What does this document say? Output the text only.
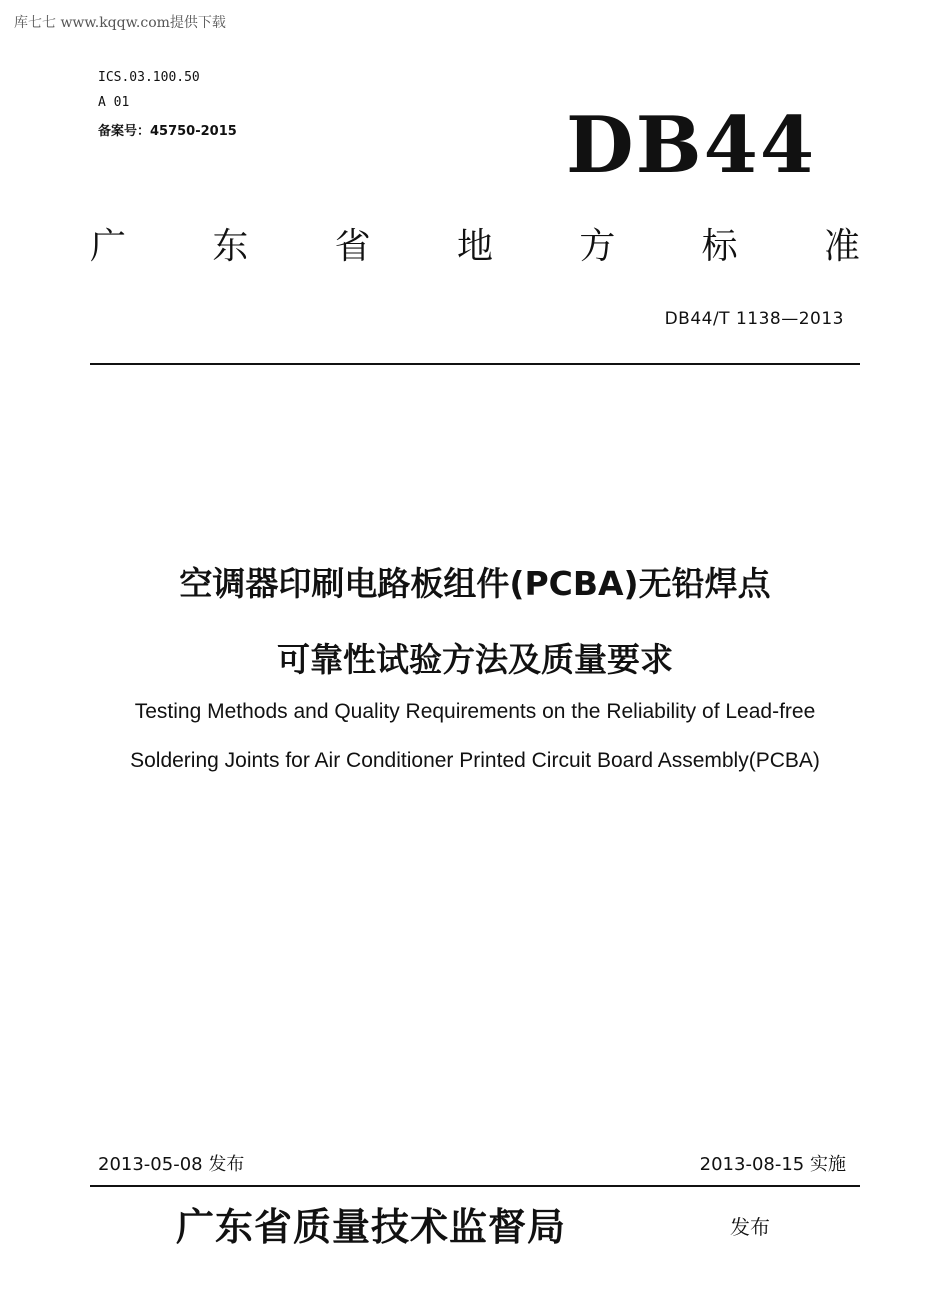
库七七 www.kqqw.com提供下载
ICS.03.100.50
A 01
备案号：45750-2015	DB44
广 东 省 地 方 标 准
DB44/T 1138—2013
空调器印刷电路板组件(PCBA)无铅焊点
可靠性试验方法及质量要求
Testing Methods and Quality Requirements on the Reliability of Lead-free
Soldering Joints for Air Conditioner Printed Circuit Board Assembly(PCBA)
2013-05-08 发布	2013-08-15 实施
广东省质量技术监督局	发布
